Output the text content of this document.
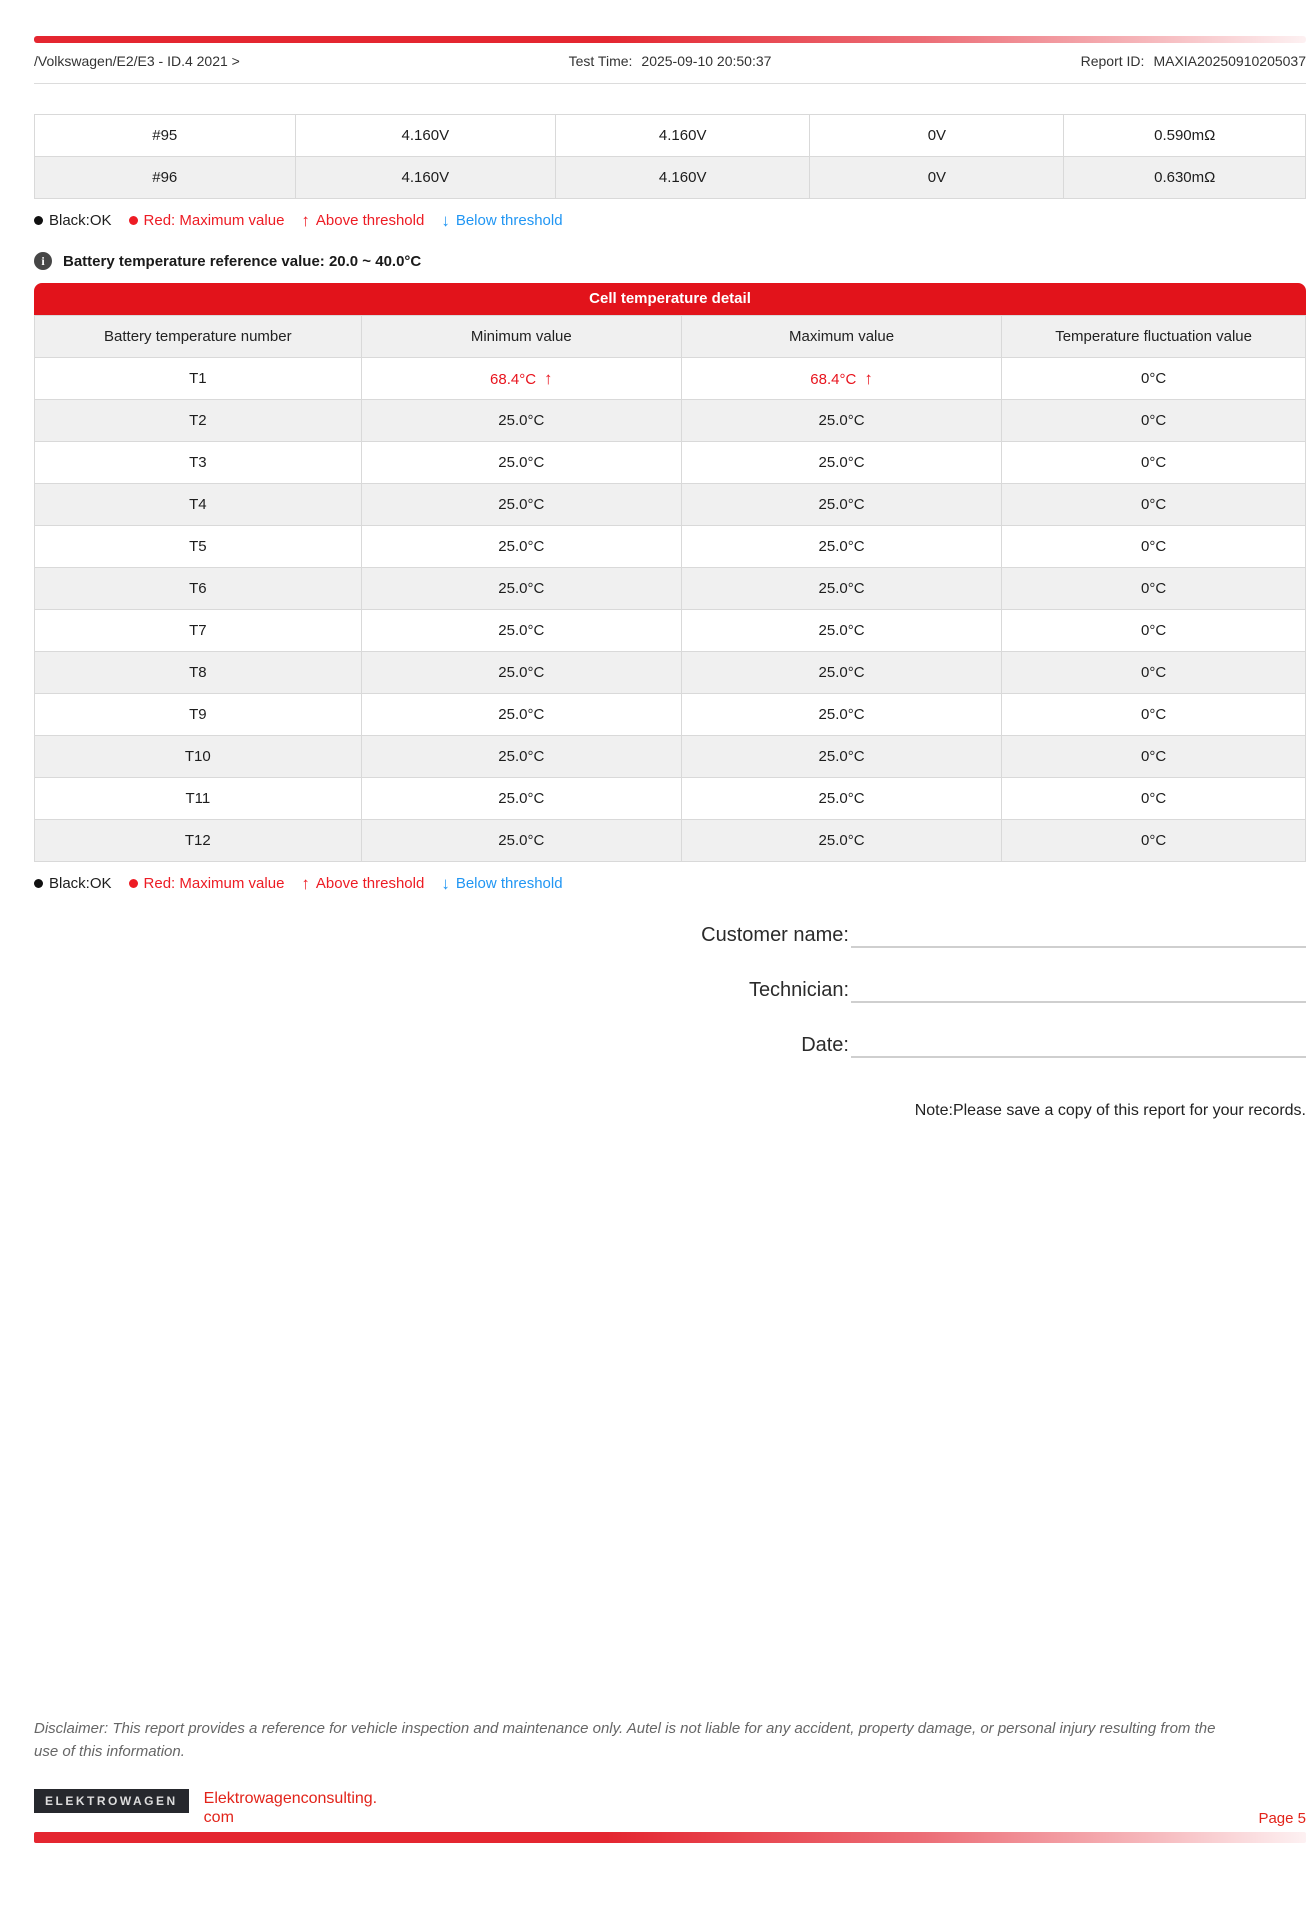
/Volkswagen/E2/E3 - ID.4 2021 >	Test Time: 2025-09-10 20:50:37	Report ID: MAXIA20250910205037
#95	4.160V	4.160V	0V	0.590mΩ
#96	4.160V	4.160V	0V	0.630mΩ
Black:OK Red: Maximum value ↑ Above threshold ↓ Below threshold
i	Battery temperature reference value: 20.0 ~ 40.0°C
Cell temperature detail
Battery temperature number	Minimum value	Maximum value	Temperature fluctuation value
T1	68.4°C ↑	68.4°C ↑	0°C
T2	25.0°C	25.0°C	0°C
T3	25.0°C	25.0°C	0°C
T4	25.0°C	25.0°C	0°C
T5	25.0°C	25.0°C	0°C
T6	25.0°C	25.0°C	0°C
T7	25.0°C	25.0°C	0°C
T8	25.0°C	25.0°C	0°C
T9	25.0°C	25.0°C	0°C
T10	25.0°C	25.0°C	0°C
T11	25.0°C	25.0°C	0°C
T12	25.0°C	25.0°C	0°C
Black:OK Red: Maximum value ↑ Above threshold ↓ Below threshold
Customer name:
Technician:
Date:
Note:Please save a copy of this report for your records.
Disclaimer: This report provides a reference for vehicle inspection and maintenance only. Autel is not liable for any accident, property damage, or personal injury resulting from the use of this information.
ELEKTROWAGEN	Elektrowagenconsulting.
com	Page 5
